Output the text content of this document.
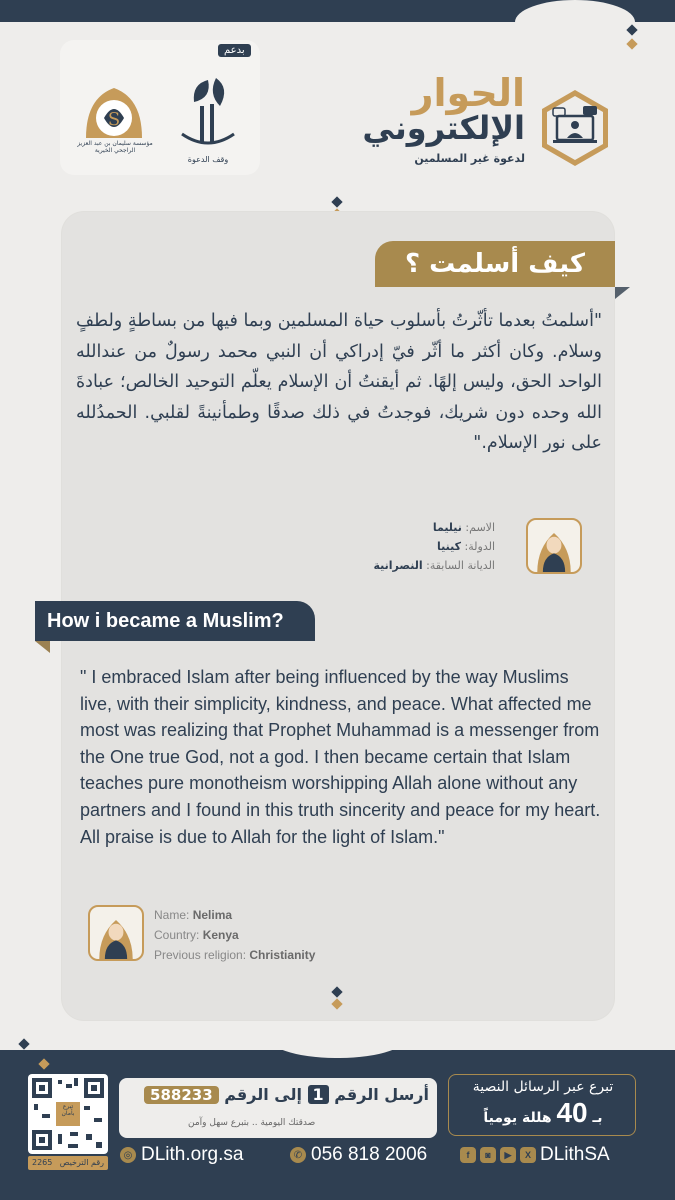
بدعم
S
مؤسسة سليمان بن عبد العزيز الراجحي الخيرية
وقف الدعوة
الحوار
الإلكتروني
لدعوة غير المسلمين
كيف أسلمت ؟
"أسلمتُ بعدما تأثّرتُ بأسلوب حياة المسلمين وبما فيها من بساطةٍ ولطفٍ وسلام. وكان أكثر ما أثّر فيّ إدراكي أن النبي محمد رسولٌ من عندالله الواحد الحق، وليس إلهًا. ثم أيقنتُ أن الإسلام يعلّم التوحيد الخالص؛ عبادةَ الله وحده دون شريك، فوجدتُ في ذلك صدقًا وطمأنينةً لقلبي. الحمدُلله على نور الإسلام."
الاسم: نيليما
الدولة: كينيا
الديانة السابقة: النصرانية
How i became a Muslim?
" I embraced Islam after being influenced by the way Muslims live, with their simplicity, kindness, and peace. What affected me most was realizing that Prophet Muhammad is a messenger from the One true God, not a god. I then became certain that Islam teaches pure monotheism worshipping Allah alone without any partners and I found in this truth sincerity and peace for my heart. All praise is due to Allah for the light of Islam."
Name: Nelima
Country: Kenya
Previous religion: Christianity
تبرع بأمان
2265 رقم الترخيص
أرسل الرقم 1 إلى الرقم 588233
صدقتك اليومية .. بتبرع سهل وآمن
تبرع عبر الرسائل النصية
بـ 40 هللة يومياً
◎ DLith.org.sa	✆ 056 818 2006	f	◙	▶	X DLithSA
